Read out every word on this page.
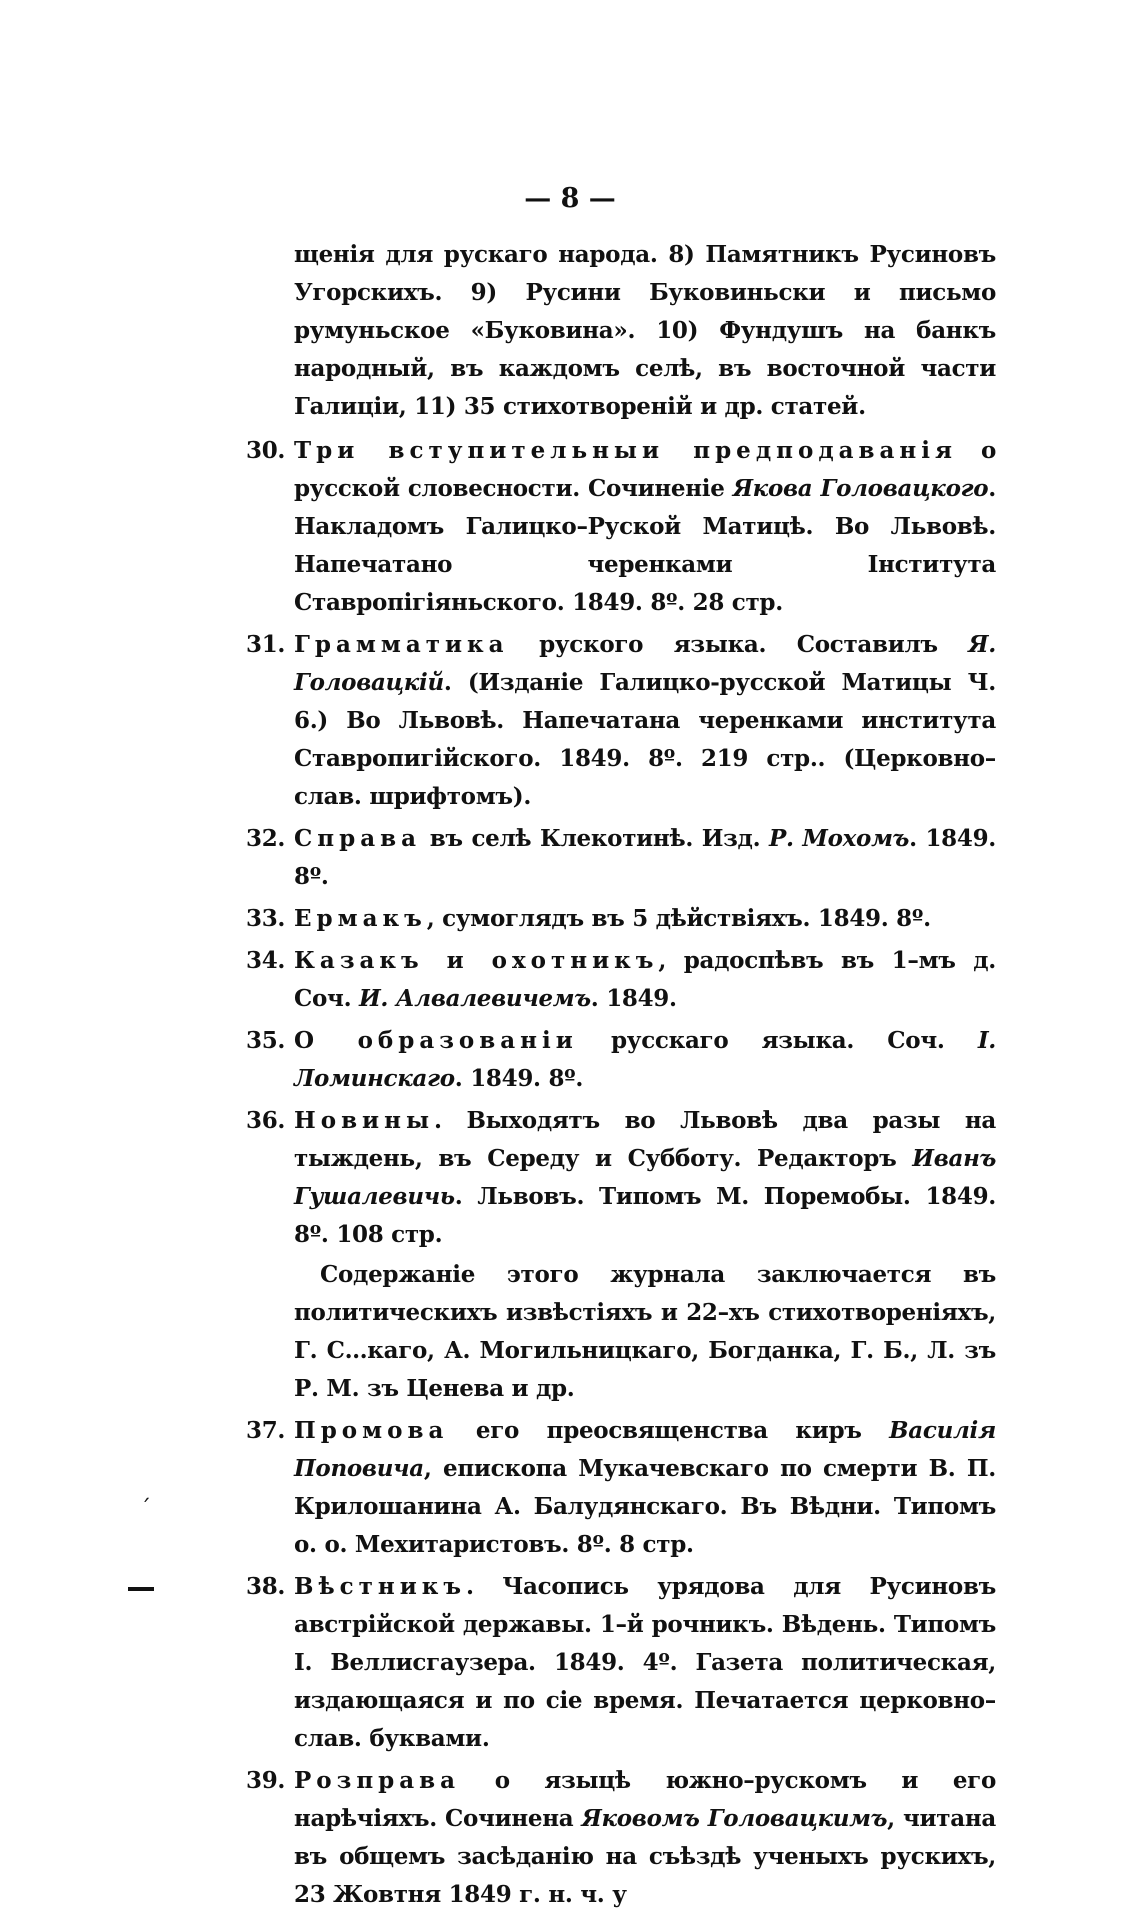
— 8 —
щенія для рускаго народа. 8) Памятникъ Русиновъ Угорскихъ. 9) Русини Буковиньски и письмо румуньское «Буковина». 10) Фундушъ на банкъ народный, въ каждомъ селѣ, въ восточной части Галиціи, 11) 35 стихотвореній и др. статей.
30. Три вступительныи предподаванія о русской словесности. Сочиненіе Якова Головацкого. Накладомъ Галицко–Руской Матицѣ. Во Львовѣ. Напечатано черенками Інститута Ставропігіяньского. 1849. 8º. 28 стр.
31. Грамматика руского языка. Составилъ Я. Головацкій. (Изданіе Галицко-русской Матицы Ч. 6.) Во Львовѣ. Напечатана черенками института Ставропигійского. 1849. 8º. 219 стр.. (Церковно–слав. шрифтомъ).
32. Справа въ селѣ Клекотинѣ. Изд. Р. Мохомъ. 1849. 8º.
33. Ермакъ, сумоглядъ въ 5 дѣйствіяхъ. 1849. 8º.
34. Казакъ и охотникъ, радоспѣвъ въ 1–мъ д. Соч. И. Алвалевичемъ. 1849.
35. О образованіи русскаго языка. Соч. І. Ломинскаго. 1849. 8º.
36. Новины. Выходятъ во Львовѣ два разы на тыждень, въ Середу и Субботу. Редакторъ Иванъ Гушалевичь. Львовъ. Типомъ М. Поремобы. 1849. 8º. 108 стр.
Содержаніе этого журнала заключается въ политическихъ извѣстіяхъ и 22–хъ стихотвореніяхъ, Г. С…каго, А. Могильницкаго, Богданка, Г. Б., Л. зъ Р. М. зъ Ценева и др.
37. Промова его преосвященства киръ Василія Поповича, епископа Мукачевскаго по смерти В. П. Крилошанина А. Балудянскаго. Въ Вѣдни. Типомъ о. о. Мехитаристовъ. 8º. 8 стр.
38. Вѣстникъ. Часопись урядова для Русиновъ австрійской державы. 1–й рочникъ. Вѣдень. Типомъ І. Веллисгаузера. 1849. 4º. Газета политическая, издающаяся и по сіе время. Печатается церковно–слав. буквами.
39. Розправа о языцѣ южно–рускомъ и его нарѣчіяхъ. Сочинена Яковомъ Головацкимъ, читана въ общемъ засѣданію на съѣздѣ ученыхъ рускихъ, 23 Жовтня 1849 г. н. ч. у
ˊ
